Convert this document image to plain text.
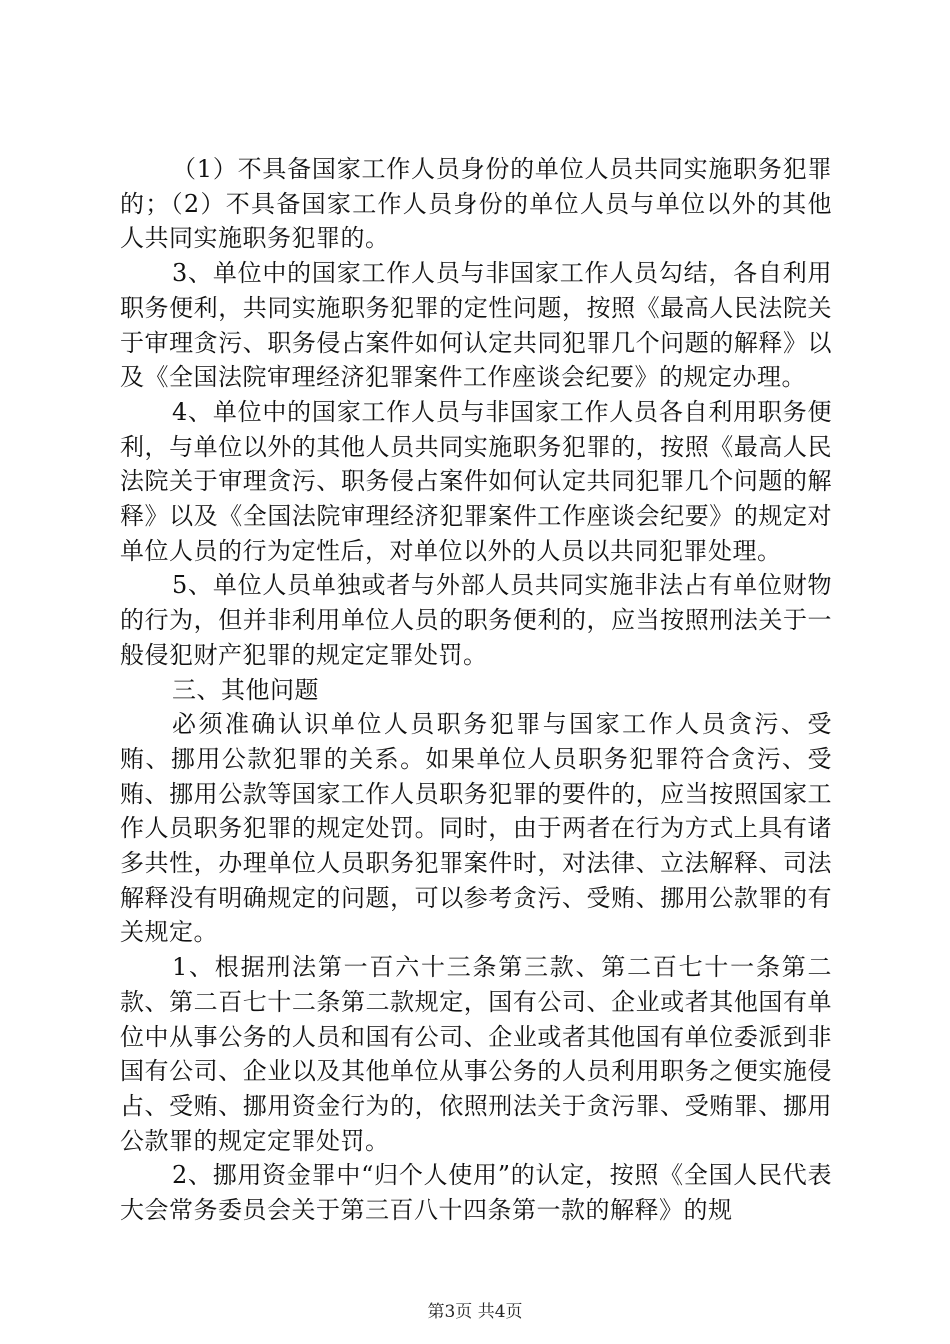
（1）不具备国家工作人员身份的单位人员共同实施职务犯罪的；（2）不具备国家工作人员身份的单位人员与单位以外的其他人共同实施职务犯罪的。

3、单位中的国家工作人员与非国家工作人员勾结，各自利用职务便利，共同实施职务犯罪的定性问题，按照《最高人民法院关于审理贪污、职务侵占案件如何认定共同犯罪几个问题的解释》以及《全国法院审理经济犯罪案件工作座谈会纪要》的规定办理。

4、单位中的国家工作人员与非国家工作人员各自利用职务便利，与单位以外的其他人员共同实施职务犯罪的，按照《最高人民法院关于审理贪污、职务侵占案件如何认定共同犯罪几个问题的解释》以及《全国法院审理经济犯罪案件工作座谈会纪要》的规定对单位人员的行为定性后，对单位以外的人员以共同犯罪处理。

5、单位人员单独或者与外部人员共同实施非法占有单位财物的行为，但并非利用单位人员的职务便利的，应当按照刑法关于一般侵犯财产犯罪的规定定罪处罚。

三、其他问题

必须准确认识单位人员职务犯罪与国家工作人员贪污、受贿、挪用公款犯罪的关系。如果单位人员职务犯罪符合贪污、受贿、挪用公款等国家工作人员职务犯罪的要件的，应当按照国家工作人员职务犯罪的规定处罚。同时，由于两者在行为方式上具有诸多共性，办理单位人员职务犯罪案件时，对法律、立法解释、司法解释没有明确规定的问题，可以参考贪污、受贿、挪用公款罪的有关规定。

1、根据刑法第一百六十三条第三款、第二百七十一条第二款、第二百七十二条第二款规定，国有公司、企业或者其他国有单位中从事公务的人员和国有公司、企业或者其他国有单位委派到非国有公司、企业以及其他单位从事公务的人员利用职务之便实施侵占、受贿、挪用资金行为的，依照刑法关于贪污罪、受贿罪、挪用公款罪的规定定罪处罚。

2、挪用资金罪中“归个人使用”的认定，按照《全国人民代表大会常务委员会关于第三百八十四条第一款的解释》的规

第3页 共4页
